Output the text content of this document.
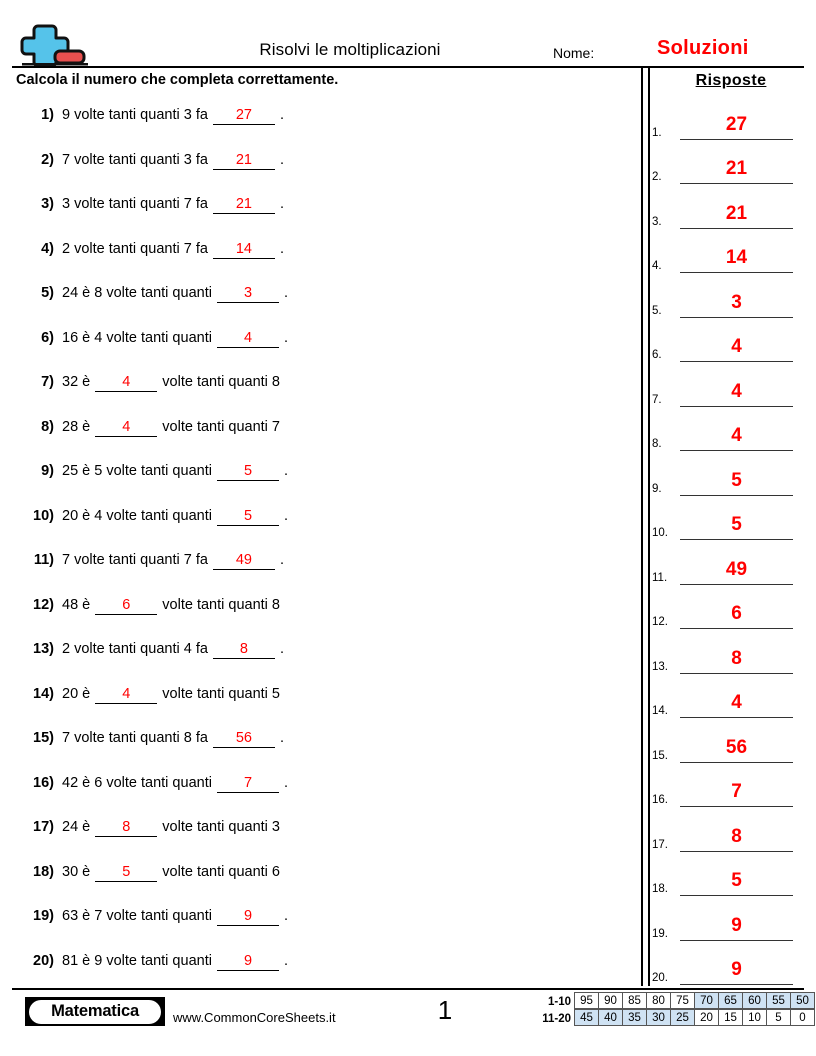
Risolvi le moltiplicazioni	Nome:	Soluzioni
Calcola il numero che completa correttamente.
1) 9 volte tanti quanti 3 fa 27 .
2) 7 volte tanti quanti 3 fa 21 .
3) 3 volte tanti quanti 7 fa 21 .
4) 2 volte tanti quanti 7 fa 14 .
5) 24 è 8 volte tanti quanti 3 .
6) 16 è 4 volte tanti quanti 4 .
7) 32 è 4 volte tanti quanti 8
8) 28 è 4 volte tanti quanti 7
9) 25 è 5 volte tanti quanti 5 .
10) 20 è 4 volte tanti quanti 5 .
11) 7 volte tanti quanti 7 fa 49 .
12) 48 è 6 volte tanti quanti 8
13) 2 volte tanti quanti 4 fa 8 .
14) 20 è 4 volte tanti quanti 5
15) 7 volte tanti quanti 8 fa 56 .
16) 42 è 6 volte tanti quanti 7 .
17) 24 è 8 volte tanti quanti 3
18) 30 è 5 volte tanti quanti 6
19) 63 è 7 volte tanti quanti 9 .
20) 81 è 9 volte tanti quanti 9 .
Risposte
1.	27
2.	21
3.	21
4.	14
5.	3
6.	4
7.	4
8.	4
9.	5
10.	5
11.	49
12.	6
13.	8
14.	4
15.	56
16.	7
17.	8
18.	5
19.	9
20.	9
Matematica	www.CommonCoreSheets.it	1	1-10 95 90 85 80 75 70 65 60 55 50
11-20 45 40 35 30 25 20 15 10	5	0
